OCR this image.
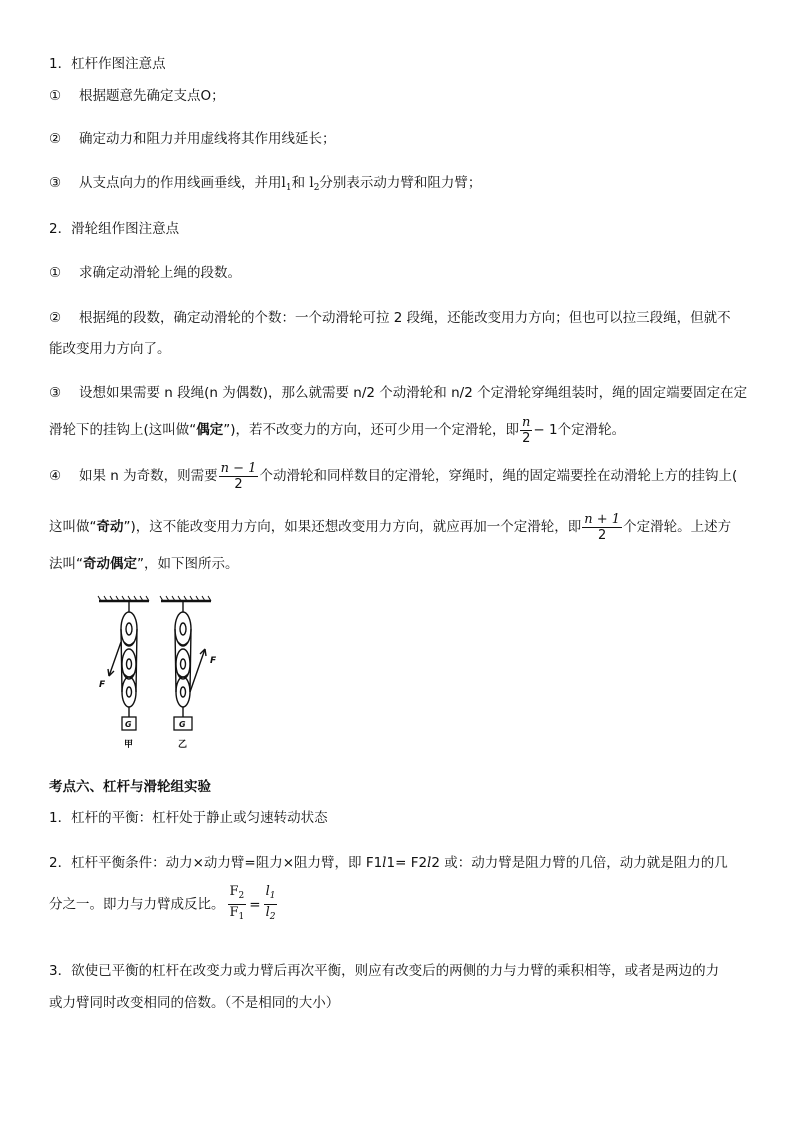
1．杠杆作图注意点
① 根据题意先确定支点O；
② 确定动力和阻力并用虚线将其作用线延长；
③ 从支点向力的作用线画垂线，并用$l_1$和 $l_2$分别表示动力臂和阻力臂；
2．滑轮组作图注意点
① 求确定动滑轮上绳的段数。
② 根据绳的段数，确定动滑轮的个数：一个动滑轮可拉 2 段绳，还能改变用力方向；但也可以拉三段绳，但就不
能改变用力方向了。
③ 设想如果需要 n 段绳(n 为偶数)，那么就需要 n/2 个动滑轮和 n/2 个定滑轮穿绳组装时，绳的固定端要固定在定
滑轮下的挂钩上(这叫做“偶定”)，若不改变力的方向，还可少用一个定滑轮，即 $\frac{n}{2} - 1$个定滑轮。
④ 如果 n 为奇数，则需要 $\frac{n - 1}{2}$ 个动滑轮和同样数目的定滑轮，穿绳时，绳的固定端要拴在动滑轮上方的挂钩上(
这叫做“奇动”)，这不能改变用力方向，如果还想改变用力方向，就应再加一个定滑轮，即 $\frac{n + 1}{2}$ 个定滑轮。上述方
法叫“奇动偶定”，如下图所示。
F
F
G	G
甲	乙
考点六、杠杆与滑轮组实验
1．杠杆的平衡：杠杆处于静止或匀速转动状态
2．杠杆平衡条件：动力×动力臂=阻力×阻力臂，即 F1l1= F2l2 或：动力臂是阻力臂的几倍，动力就是阻力的几
分之一。即力与力臂成反比。 $\frac{F_2}{F_1} = \frac{l_1}{l_2}$
3．欲使已平衡的杠杆在改变力或力臂后再次平衡，则应有改变后的两侧的力与力臂的乘积相等，或者是两边的力
或力臂同时改变相同的倍数。（不是相同的大小）
